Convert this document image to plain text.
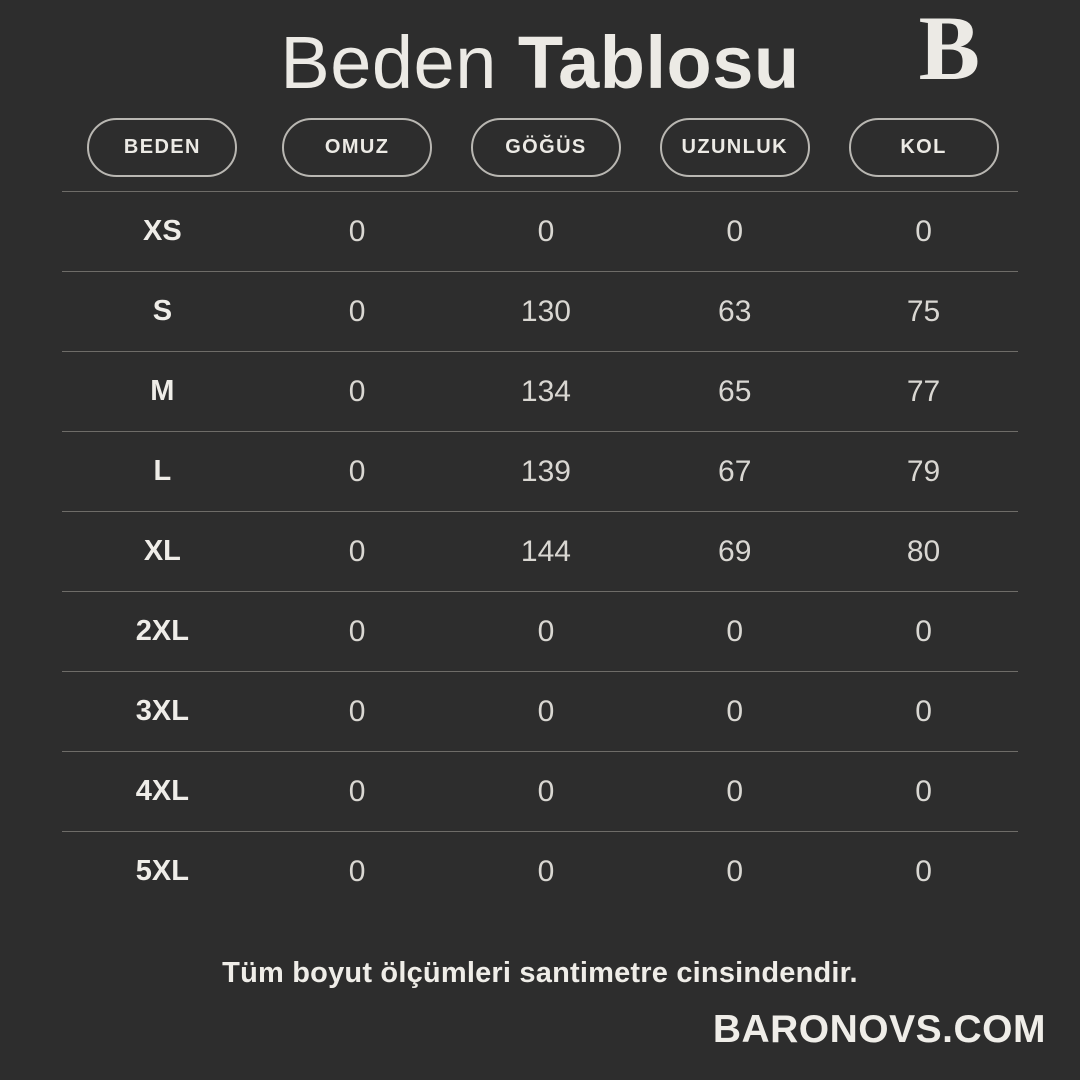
Beden Tablosu B
BEDEN	OMUZ	GÖĞÜS	UZUNLUK	KOL

XS	0	0	0	0
S	0	130	63	75
M	0	134	65	77
L	0	139	67	79
XL	0	144	69	80
2XL	0	0	0	0
3XL	0	0	0	0
4XL	0	0	0	0
5XL	0	0	0	0
Tüm boyut ölçümleri santimetre cinsindendir.
BARONOVS.COM
